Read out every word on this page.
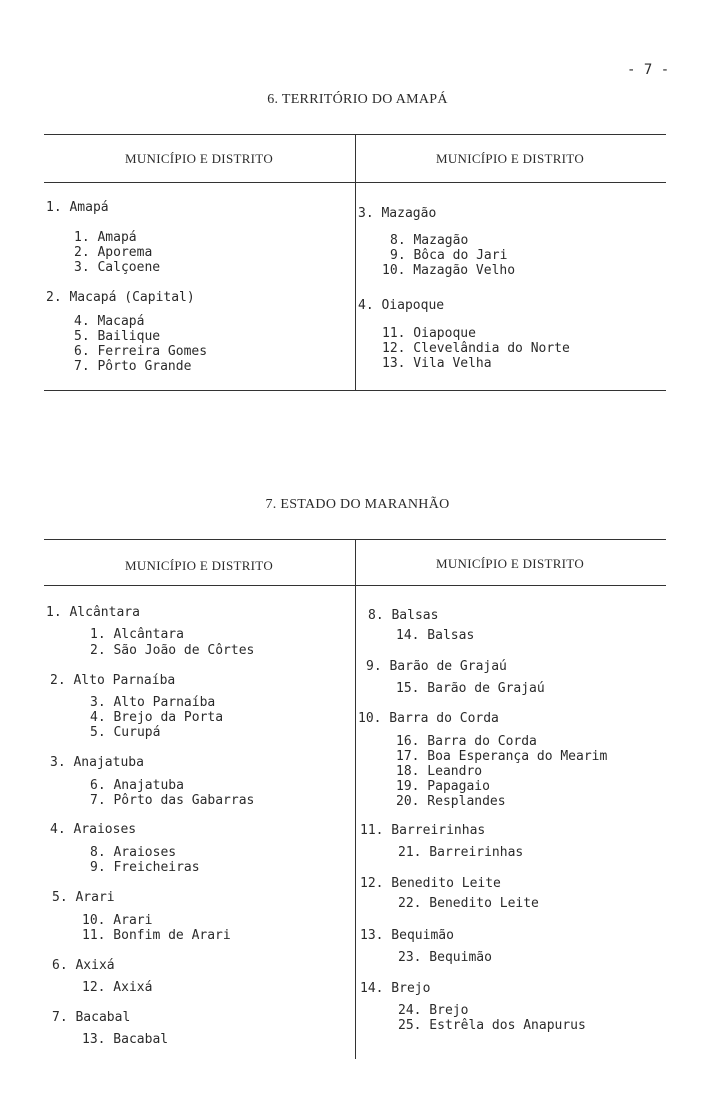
- 7 -
6. TERRITÓRIO DO AMAPÁ
MUNICÍPIO E DISTRITO	MUNICÍPIO E DISTRITO
1. Amapá
1. Amapá
2. Aporema
3. Calçoene
2. Macapá (Capital)
4. Macapá
5. Bailique
6. Ferreira Gomes
7. Pôrto Grande
3. Mazagão
8. Mazagão
9. Bôca do Jari
10. Mazagão Velho
4. Oiapoque
11. Oiapoque
12. Clevelândia do Norte
13. Vila Velha
7. ESTADO DO MARANHÃO
MUNICÍPIO E DISTRITO	MUNICÍPIO E DISTRITO
1. Alcântara
1. Alcântara
2. São João de Côrtes
2. Alto Parnaíba
3. Alto Parnaíba
4. Brejo da Porta
5. Curupá
3. Anajatuba
6. Anajatuba
7. Pôrto das Gabarras
4. Araioses
8. Araioses
9. Freicheiras
5. Arari
10. Arari
11. Bonfim de Arari
6. Axixá
12. Axixá
7. Bacabal
13. Bacabal
8. Balsas
14. Balsas
9. Barão de Grajaú
15. Barão de Grajaú
10. Barra do Corda
16. Barra do Corda
17. Boa Esperança do Mearim
18. Leandro
19. Papagaio
20. Resplandes
11. Barreirinhas
21. Barreirinhas
12. Benedito Leite
22. Benedito Leite
13. Bequimão
23. Bequimão
14. Brejo
24. Brejo
25. Estrêla dos Anapurus
